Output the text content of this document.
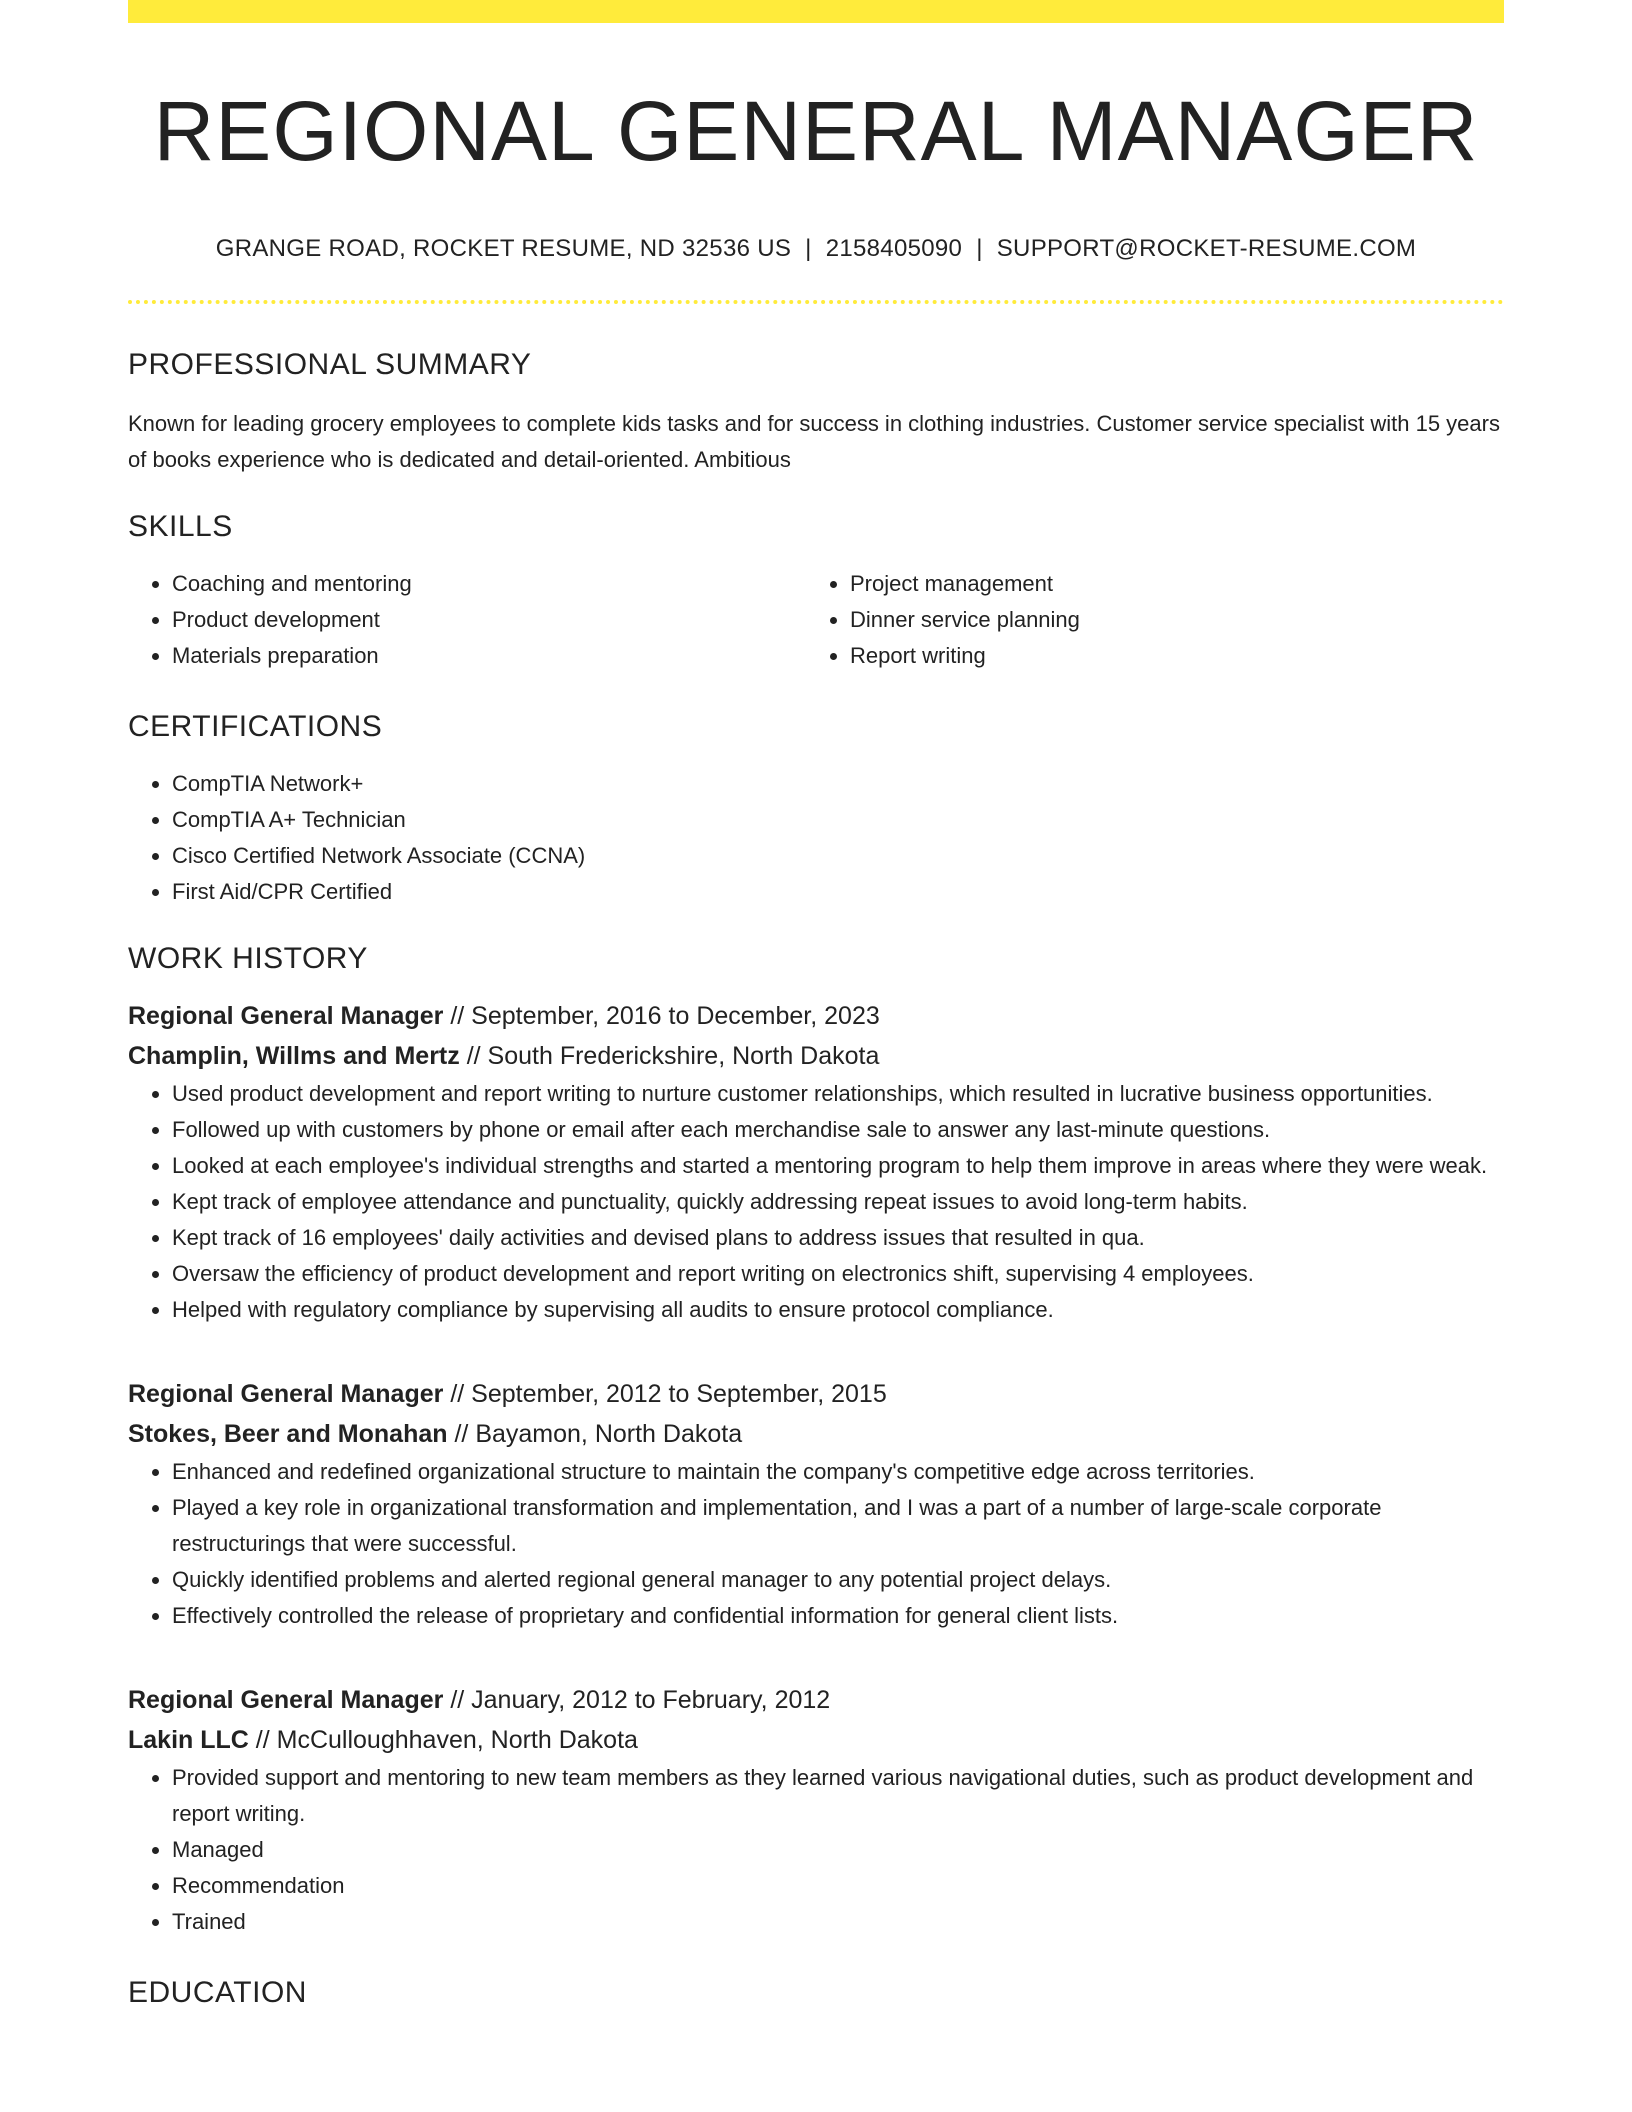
REGIONAL GENERAL MANAGER
GRANGE ROAD, ROCKET RESUME, ND 32536 US | 2158405090 | SUPPORT@ROCKET-RESUME.COM
PROFESSIONAL SUMMARY
Known for leading grocery employees to complete kids tasks and for success in clothing industries. Customer service specialist with 15 years of books experience who is dedicated and detail-oriented. Ambitious
SKILLS
• Coaching and mentoring
• Product development
• Materials preparation
• Project management
• Dinner service planning
• Report writing
CERTIFICATIONS
• CompTIA Network+
• CompTIA A+ Technician
• Cisco Certified Network Associate (CCNA)
• First Aid/CPR Certified
WORK HISTORY
Regional General Manager // September, 2016 to December, 2023
Champlin, Willms and Mertz // South Frederickshire, North Dakota
• Used product development and report writing to nurture customer relationships, which resulted in lucrative business opportunities.
• Followed up with customers by phone or email after each merchandise sale to answer any last-minute questions.
• Looked at each employee's individual strengths and started a mentoring program to help them improve in areas where they were weak.
• Kept track of employee attendance and punctuality, quickly addressing repeat issues to avoid long-term habits.
• Kept track of 16 employees' daily activities and devised plans to address issues that resulted in qua.
• Oversaw the efficiency of product development and report writing on electronics shift, supervising 4 employees.
• Helped with regulatory compliance by supervising all audits to ensure protocol compliance.
Regional General Manager // September, 2012 to September, 2015
Stokes, Beer and Monahan // Bayamon, North Dakota
• Enhanced and redefined organizational structure to maintain the company's competitive edge across territories.
• Played a key role in organizational transformation and implementation, and I was a part of a number of large-scale corporate restructurings that were successful.
• Quickly identified problems and alerted regional general manager to any potential project delays.
• Effectively controlled the release of proprietary and confidential information for general client lists.
Regional General Manager // January, 2012 to February, 2012
Lakin LLC // McCulloughhaven, North Dakota
• Provided support and mentoring to new team members as they learned various navigational duties, such as product development and report writing.
• Managed
• Recommendation
• Trained
EDUCATION
